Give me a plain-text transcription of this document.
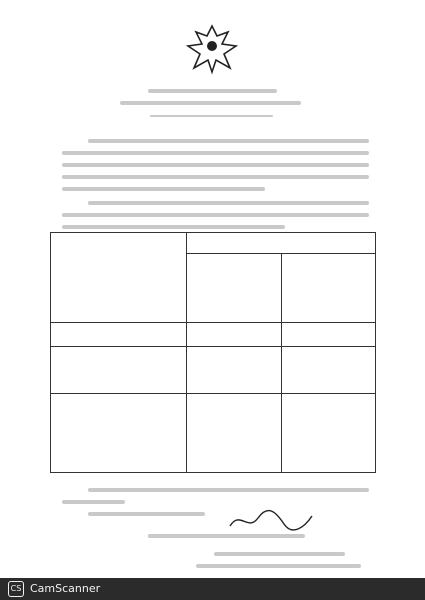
CS CamScanner
